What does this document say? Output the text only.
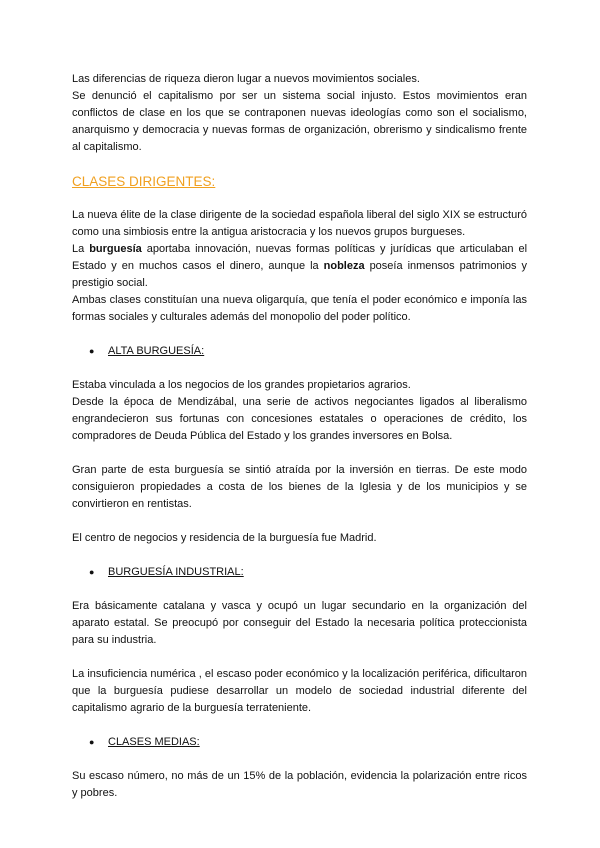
Las diferencias de riqueza dieron lugar a nuevos movimientos sociales.

Se denunció el capitalismo por ser un sistema social injusto. Estos movimientos eran conflictos de clase en los que se contraponen nuevas ideologías como son el socialismo, anarquismo y democracia y nuevas formas de organización, obrerismo y sindicalismo frente al capitalismo.

CLASES DIRIGENTES:

La nueva élite de la clase dirigente de la sociedad española liberal del siglo XIX se estructuró como una simbiosis entre la antigua aristocracia y los nuevos grupos burgueses.

La burguesía aportaba innovación, nuevas formas políticas y jurídicas que articulaban el Estado y en muchos casos el dinero, aunque la nobleza poseía inmensos patrimonios y prestigio social.

Ambas clases constituían una nueva oligarquía, que tenía el poder económico e imponía las formas sociales y culturales además del monopolio del poder político.

● ALTA BURGUESÍA:

Estaba vinculada a los negocios de los grandes propietarios agrarios.

Desde la época de Mendizábal, una serie de activos negociantes ligados al liberalismo engrandecieron sus fortunas con concesiones estatales o operaciones de crédito, los compradores de Deuda Pública del Estado y los grandes inversores en Bolsa.

Gran parte de esta burguesía se sintió atraída por la inversión en tierras. De este modo consiguieron propiedades a costa de los bienes de la Iglesia y de los municipios y se convirtieron en rentistas.

El centro de negocios y residencia de la burguesía fue Madrid.

● BURGUESÍA INDUSTRIAL:

Era básicamente catalana y vasca y ocupó un lugar secundario en la organización del aparato estatal. Se preocupó por conseguir del Estado la necesaria política proteccionista para su industria.

La insuficiencia numérica , el escaso poder económico y la localización periférica, dificultaron que la burguesía pudiese desarrollar un modelo de sociedad industrial diferente del capitalismo agrario de la burguesía terrateniente.

● CLASES MEDIAS:

Su escaso número, no más de un 15% de la población, evidencia la polarización entre ricos y pobres.
